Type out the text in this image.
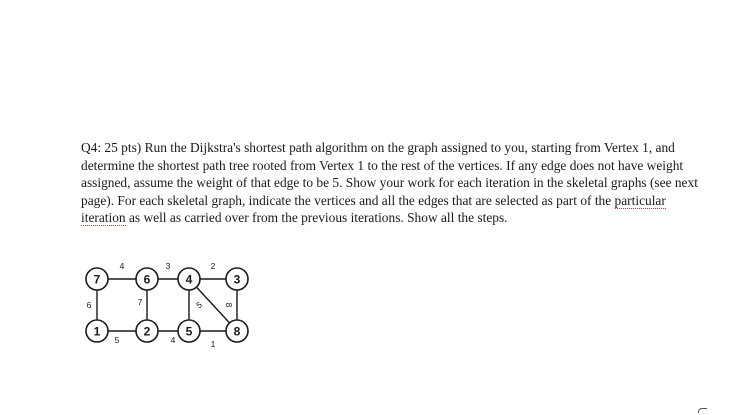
Q4: 25 pts) Run the Dijkstra's shortest path algorithm on the graph assigned to you, starting from Vertex 1, and determine the shortest path tree rooted from Vertex 1 to the rest of the vertices. If any edge does not have weight assigned, assume the weight of that edge to be 5. Show your work for each iteration in the skeletal graphs (see next page). For each skeletal graph, indicate the vertices and all the edges that are selected as part of the particular iteration as well as carried over from the previous iterations. Show all the steps.

4	3	2
6	7	5 8
5	4	1
7	6	4	3
1	2	5	8
